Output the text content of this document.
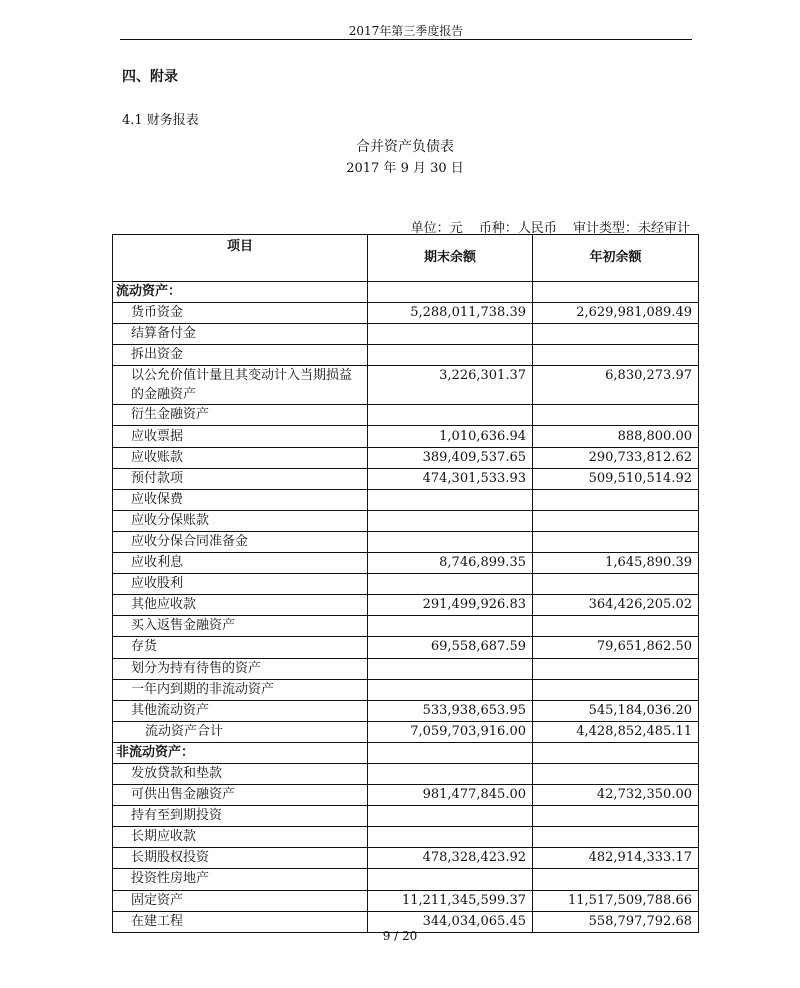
2017年第三季度报告
四、附录
4.1 财务报表
合并资产负债表
2017 年 9 月 30 日
单位：元 币种：人民币 审计类型：未经审计
项目	期末余额	年初余额
流动资产：		
货币资金	5,288,011,738.39	2,629,981,089.49
结算备付金		
拆出资金		
以公允价值计量且其变动计入当期损益的金融资产	3,226,301.37	6,830,273.97
衍生金融资产		
应收票据	1,010,636.94	888,800.00
应收账款	389,409,537.65	290,733,812.62
预付款项	474,301,533.93	509,510,514.92
应收保费		
应收分保账款		
应收分保合同准备金		
应收利息	8,746,899.35	1,645,890.39
应收股利		
其他应收款	291,499,926.83	364,426,205.02
买入返售金融资产		
存货	69,558,687.59	79,651,862.50
划分为持有待售的资产		
一年内到期的非流动资产		
其他流动资产	533,938,653.95	545,184,036.20
流动资产合计	7,059,703,916.00	4,428,852,485.11
非流动资产：		
发放贷款和垫款		
可供出售金融资产	981,477,845.00	42,732,350.00
持有至到期投资		
长期应收款		
长期股权投资	478,328,423.92	482,914,333.17
投资性房地产		
固定资产	11,211,345,599.37	11,517,509,788.66
在建工程	344,034,065.45	558,797,792.68
9 / 20
